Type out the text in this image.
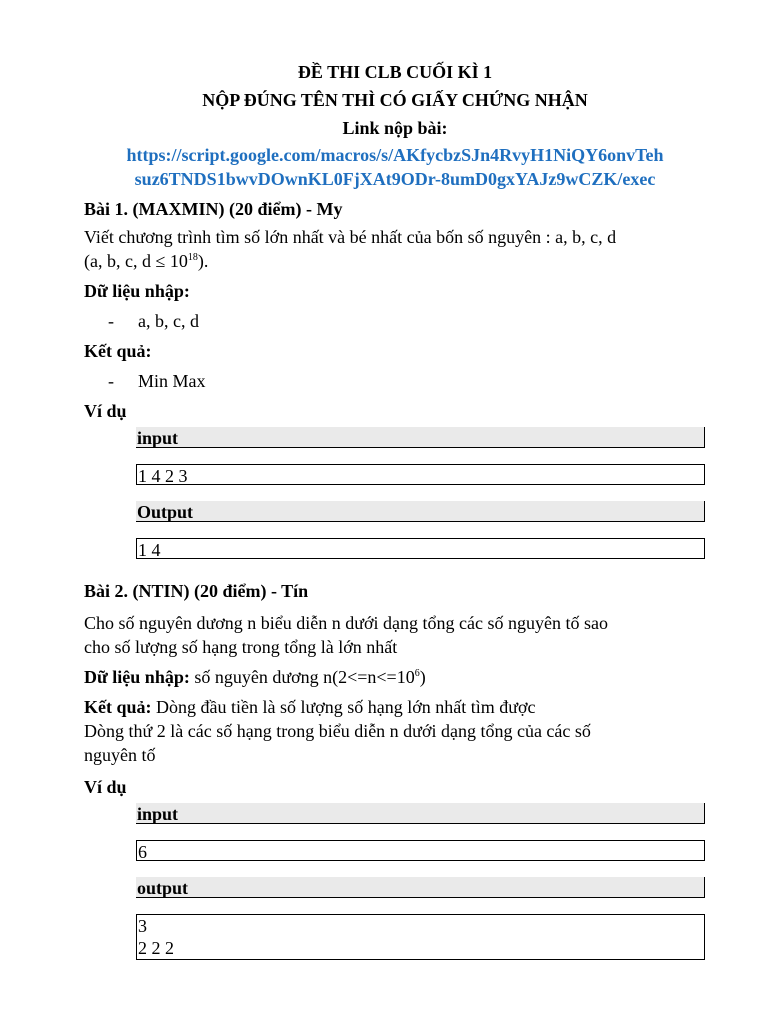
ĐỀ THI CLB CUỐI KÌ 1
NỘP ĐÚNG TÊN THÌ CÓ GIẤY CHỨNG NHẬN
Link nộp bài:
https://script.google.com/macros/s/AKfycbzSJn4RvyH1NiQY6onvTeh
suz6TNDS1bwvDOwnKL0FjXAt9ODr-8umD0gxYAJz9wCZK/exec
Bài 1. (MAXMIN) (20 điểm) - My
Viết chương trình tìm số lớn nhất và bé nhất của bốn số nguyên : a, b, c, d
(a, b, c, $d \le 10^{18}$).
Dữ liệu nhập:
- a, b, c, d
Kết quả:
- Min Max
Ví dụ
input
1 4 2 3
Output
1 4
Bài 2. (NTIN) (20 điểm) - Tín
Cho số nguyên dương n biểu diễn n dưới dạng tổng các số nguyên tố sao
cho số lượng số hạng trong tổng là lớn nhất
Dữ liệu nhập: số nguyên dương $n(2<=n<=10^6)$
Kết quả: Dòng đầu tiền là số lượng số hạng lớn nhất tìm được
Dòng thứ 2 là các số hạng trong biểu diễn n dưới dạng tổng của các số
nguyên tố
Ví dụ
input
6
output
3
2 2 2
